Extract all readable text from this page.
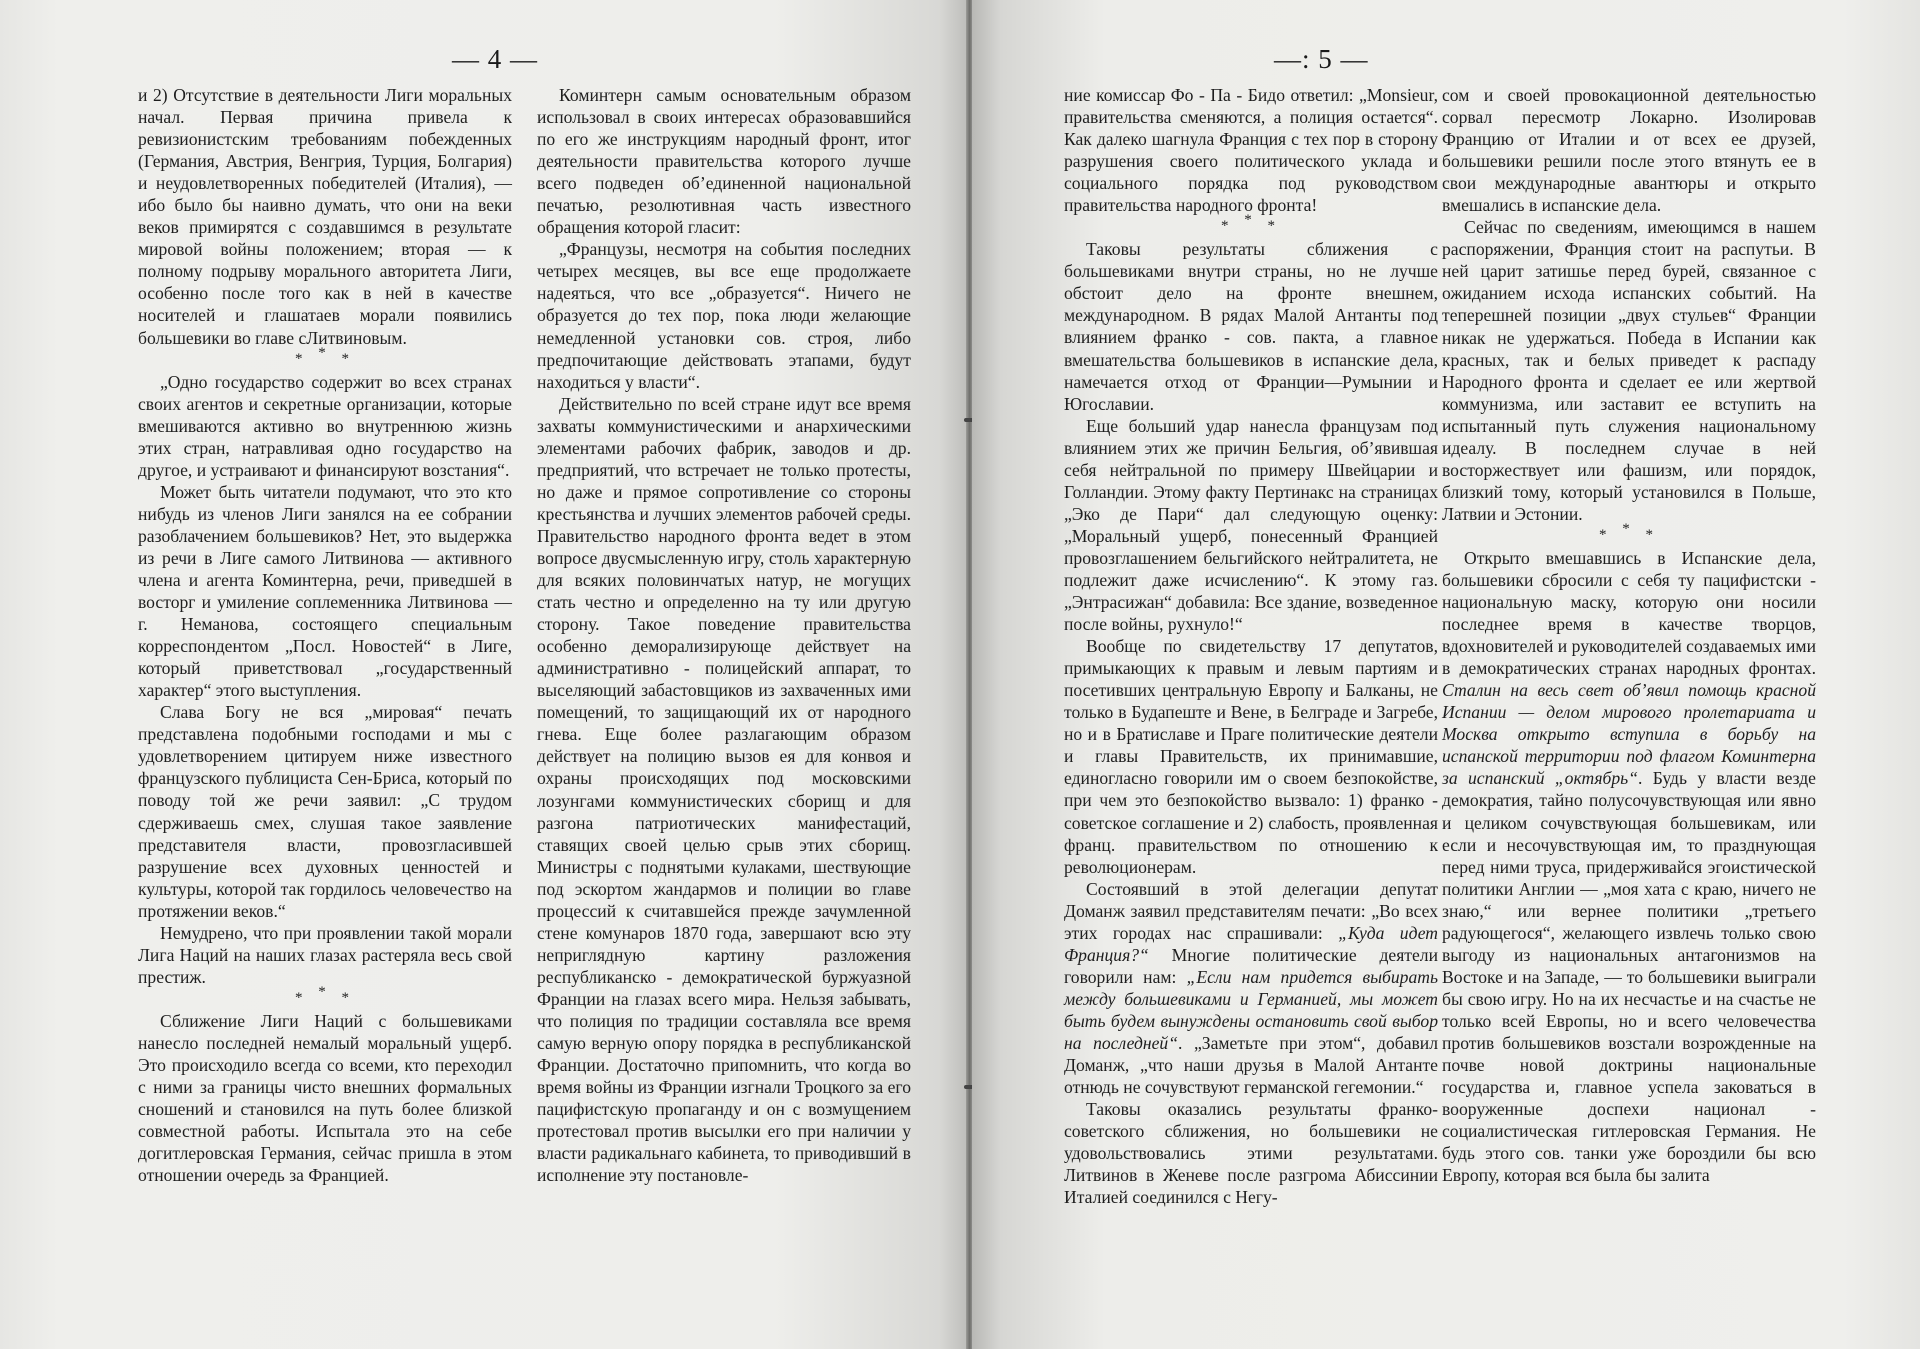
— 4 —

и 2) Отсутствие в деятельности Лиги моральных начал. Первая причина привела к ревизионистским требованиям побежденных (Германия, Австрия, Венгрия, Турция, Болгария) и неудовлетворенных победителей (Италия), — ибо было бы наивно думать, что они на веки веков примирятся с создавшимся в результате мировой войны положением; вторая — к полному подрыву морального авторитета Лиги, особенно после того как в ней в качестве носителей и глашатаев морали появились большевики во главе сЛитвиновым.

* * *

„Одно государство содержит во всех странах своих агентов и секретные организации, которые вмешиваются активно во внутреннюю жизнь этих стран, натравливая одно государство на другое, и устраивают и финансируют возстания“.

Может быть читатели подумают, что это кто нибудь из членов Лиги занялся на ее собрании разоблачением большевиков? Нет, это выдержка из речи в Лиге самого Литвинова — активного члена и агента Коминтерна, речи, приведшей в восторг и умиление соплеменника Литвинова — г. Неманова, состоящего специальным корреспондентом „Посл. Новостей“ в Лиге, который приветствовал „государственный характер“ этого выступления.

Слава Богу не вся „мировая“ печать представлена подобными господами и мы с удовлетворением цитируем ниже известного французского публициста Сен-Бриса, который по поводу той же речи заявил: „С трудом сдерживаешь смех, слушая такое заявление представителя власти, провозгласившей разрушение всех духовных ценностей и культуры, которой так гордилось человечество на протяжении веков.“

Немудрено, что при проявлении такой морали Лига Наций на наших глазах растеряла весь свой престиж.

* * *

Сближение Лиги Наций с большевиками нанесло последней немалый моральный ущерб. Это происходило всегда со всеми, кто переходил с ними за границы чисто внешних формальных сношений и становился на путь более близкой совместной работы. Испытала это на себе догитлеровская Германия, сейчас пришла в этом отношении очередь за Францией.

Коминтерн самым основательным образом использовал в своих интересах образовавшийся по его же инструкциям народный фронт, итог деятельности правительства которого лучше всего подведен об’единенной национальной печатью, резолютивная часть известного обращения которой гласит:

„Французы, несмотря на события последних четырех месяцев, вы все еще продолжаете надеяться, что все „образуется“. Ничего не образуется до тех пор, пока люди желающие немедленной установки сов. строя, либо предпочитающие действовать этапами, будут находиться у власти“.

Действительно по всей стране идут все время захваты коммунистическими и анархическими элементами рабочих фабрик, заводов и др. предприятий, что встречает не только протесты, но даже и прямое сопротивление со стороны крестьянства и лучших элементов рабочей среды. Правительство народного фронта ведет в этом вопросе двусмысленную игру, столь характерную для всяких половинчатых натур, не могущих стать честно и определенно на ту или другую сторону. Такое поведение правительства особенно деморализирующе действует на административно - полицейский аппарат, то выселяющий забастовщиков из захваченных ими помещений, то защищающий их от народного гнева. Еще более разлагающим образом действует на полицию вызов ея для конвоя и охраны происходящих под московскими лозунгами коммунистических сборищ и для разгона патриотических манифестаций, ставящих своей целью срыв этих сборищ. Министры с поднятыми кулаками, шествующие под эскортом жандармов и полиции во главе процессий к считавшейся прежде зачумленной стене комунаров 1870 года, завершают всю эту неприглядную картину разложения республиканско - демократической буржуазной Франции на глазах всего мира. Нельзя забывать, что полиция по традиции составляла все время самую верную опору порядка в республиканской Франции. Достаточно припомнить, что когда во время войны из Франции изгнали Троцкого за его пацифистскую пропаганду и он с возмущением протестовал против высылки его при наличии у власти радикальнаго кабинета, то приводивший в исполнение эту постановле-

—: 5 —

ние комиссар Фо - Па - Бидо ответил: „Monsieur, правительства сменяются, а полиция остается“. Как далеко шагнула Франция с тех пор в сторону разрушения своего политического уклада и социального порядка под руководством правительства народного фронта!

* * *

Таковы результаты сближения с большевиками внутри страны, но не лучше обстоит дело на фронте внешнем, международном. В рядах Малой Антанты под влиянием франко - сов. пакта, а главное вмешательства большевиков в испанские дела, намечается отход от Франции—Румынии и Югославии.

Еще больший удар нанесла французам под влиянием этих же причин Бельгия, об’явившая себя нейтральной по примеру Швейцарии и Голландии. Этому факту Пертинакс на страницах „Эко де Пари“ дал следующую оценку: „Моральный ущерб, понесенный Францией провозглашением бельгийского нейтралитета, не подлежит даже исчислению“. К этому газ. „Энтрасижан“ добавила: Все здание, возведенное после войны, рухнуло!“

Вообще по свидетельству 17 депутатов, примыкающих к правым и левым партиям и посетивших центральную Европу и Балканы, не только в Будапеште и Вене, в Белграде и Загребе, но и в Братиславе и Праге политические деятели и главы Правительств, их принимавшие, единогласно говорили им о своем безпокойстве, при чем это безпокойство вызвало: 1) франко - советское соглашение и 2) слабость, проявленная франц. правительством по отношению к революционерам.

Состоявший в этой делегации депутат Доманж заявил представителям печати: „Во всех этих городах нас спрашивали: „Куда идет Франция?“ Многие политические деятели говорили нам: „Если нам придется выбирать между большевиками и Германией, мы может быть будем вынуждены остановить свой выбор на последней“. „Заметьте при этом“, добавил Доманж, „что наши друзья в Малой Антанте отнюдь не сочувствуют германской гегемонии.“

Таковы оказались результаты франко-советского сближения, но большевики не удовольствовались этими результатами. Литвинов в Женеве после разгрома Абиссинии Италией соединился с Негу-

сом и своей провокационной деятельностью сорвал пересмотр Локарно. Изолировав Францию от Италии и от всех ее друзей, большевики решили после этого втянуть ее в свои международные авантюры и открыто вмешались в испанские дела.

Сейчас по сведениям, имеющимся в нашем распоряжении, Франция стоит на распутьи. В ней царит затишье перед бурей, связанное с ожиданием исхода испанских событий. На теперешней позиции „двух стульев“ Франции никак не удержаться. Победа в Испании как красных, так и белых приведет к распаду Народного фронта и сделает ее или жертвой коммунизма, или заставит ее вступить на испытанный путь служения национальному идеалу. В последнем случае в ней восторжествует или фашизм, или порядок, близкий тому, который установился в Польше, Латвии и Эстонии.

* * *

Открыто вмешавшись в Испанские дела, большевики сбросили с себя ту пацифистски - национальную маску, которую они носили последнее время в качестве творцов, вдохновителей и руководителей создаваемых ими в демократических странах народных фронтах. Сталин на весь свет об’явил помощь красной Испании — делом мирового пролетариата и Москва открыто вступила в борьбу на испанской территории под флагом Коминтерна за испанский „октябрь“. Будь у власти везде демократия, тайно полусочувствующая или явно и целиком сочувствующая большевикам, или если и несочувствующая им, то празднующая перед ними труса, придерживайся эгоистической политики Англии — „моя хата с краю, ничего не знаю,“ или вернее политики „третьего радующегося“, желающего извлечь только свою выгоду из национальных антагонизмов на Востоке и на Западе, — то большевики выиграли бы свою игру. Но на их несчастье и на счастье не только всей Европы, но и всего человечества против большевиков возстали возрожденные на почве новой доктрины национальные государства и, главное успела заковаться в вооруженные доспехи национал - социалистическая гитлеровская Германия. Не будь этого сов. танки уже бороздили бы всю Европу, которая вся была бы залита
